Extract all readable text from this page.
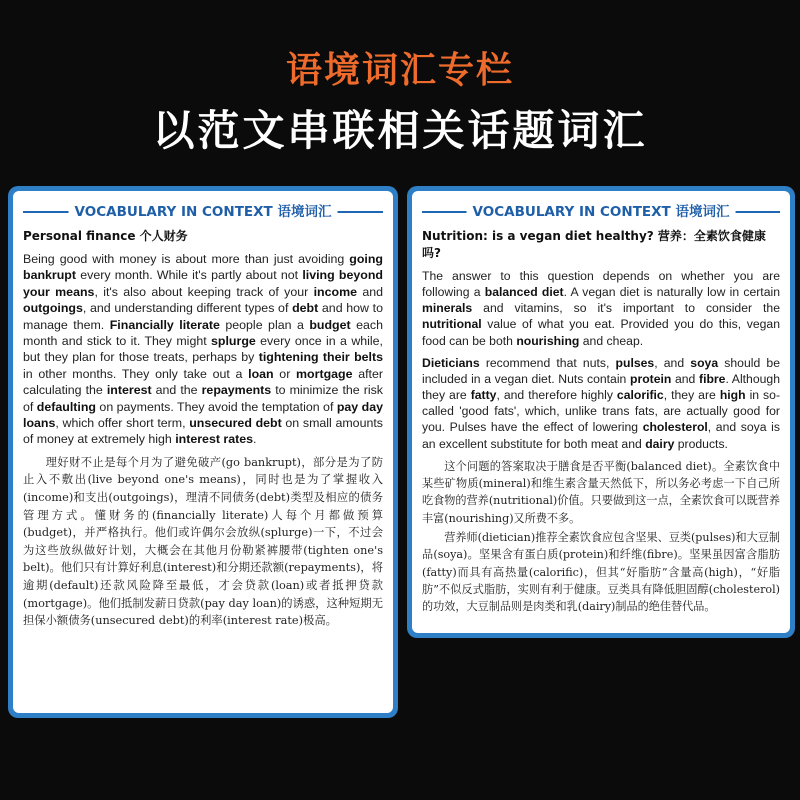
语境词汇专栏
以范文串联相关话题词汇
VOCABULARY IN CONTEXT 语境词汇
Personal finance 个人财务

Being good with money is about more than just avoiding going bankrupt every month. While it's partly about not living beyond your means, it's also about keeping track of your income and outgoings, and understanding different types of debt and how to manage them. Financially literate people plan a budget each month and stick to it. They might splurge every once in a while, but they plan for those treats, perhaps by tightening their belts in other months. They only take out a loan or mortgage after calculating the interest and the repayments to minimize the risk of defaulting on payments. They avoid the temptation of pay day loans, which offer short term, unsecured debt on small amounts of money at extremely high interest rates.

理好财不止是每个月为了避免破产(go bankrupt)，部分是为了防止入不敷出(live beyond one's means)，同时也是为了掌握收入(income)和支出(outgoings)，理清不同债务(debt)类型及相应的债务管理方式。懂财务的(financially literate)人每个月都做预算(budget)，并严格执行。他们或许偶尔会放纵(splurge)一下，不过会为这些放纵做好计划，大概会在其他月份勒紧裤腰带(tighten one's belt)。他们只有计算好利息(interest)和分期还款额(repayments)，将逾期(default)还款风险降至最低，才会贷款(loan)或者抵押贷款(mortgage)。他们抵制发薪日贷款(pay day loan)的诱惑，这种短期无担保小额债务(unsecured debt)的利率(interest rate)极高。

VOCABULARY IN CONTEXT 语境词汇
Nutrition: is a vegan diet healthy? 营养：全素饮食健康吗?

The answer to this question depends on whether you are following a balanced diet. A vegan diet is naturally low in certain minerals and vitamins, so it's important to consider the nutritional value of what you eat. Provided you do this, vegan food can be both nourishing and cheap.

Dieticians recommend that nuts, pulses, and soya should be included in a vegan diet. Nuts contain protein and fibre. Although they are fatty, and therefore highly calorific, they are high in so-called 'good fats', which, unlike trans fats, are actually good for you. Pulses have the effect of lowering cholesterol, and soya is an excellent substitute for both meat and dairy products.

这个问题的答案取决于膳食是否平衡(balanced diet)。全素饮食中某些矿物质(mineral)和维生素含量天然低下，所以务必考虑一下自己所吃食物的营养(nutritional)价值。只要做到这一点，全素饮食可以既营养丰富(nourishing)又所费不多。

营养师(dietician)推荐全素饮食应包含坚果、豆类(pulses)和大豆制品(soya)。坚果含有蛋白质(protein)和纤维(fibre)。坚果虽因富含脂肪(fatty)而具有高热量(calorific)，但其“好脂肪”含量高(high)，“好脂肪”不似反式脂肪，实则有利于健康。豆类具有降低胆固醇(cholesterol)的功效，大豆制品则是肉类和乳(dairy)制品的绝佳替代品。
